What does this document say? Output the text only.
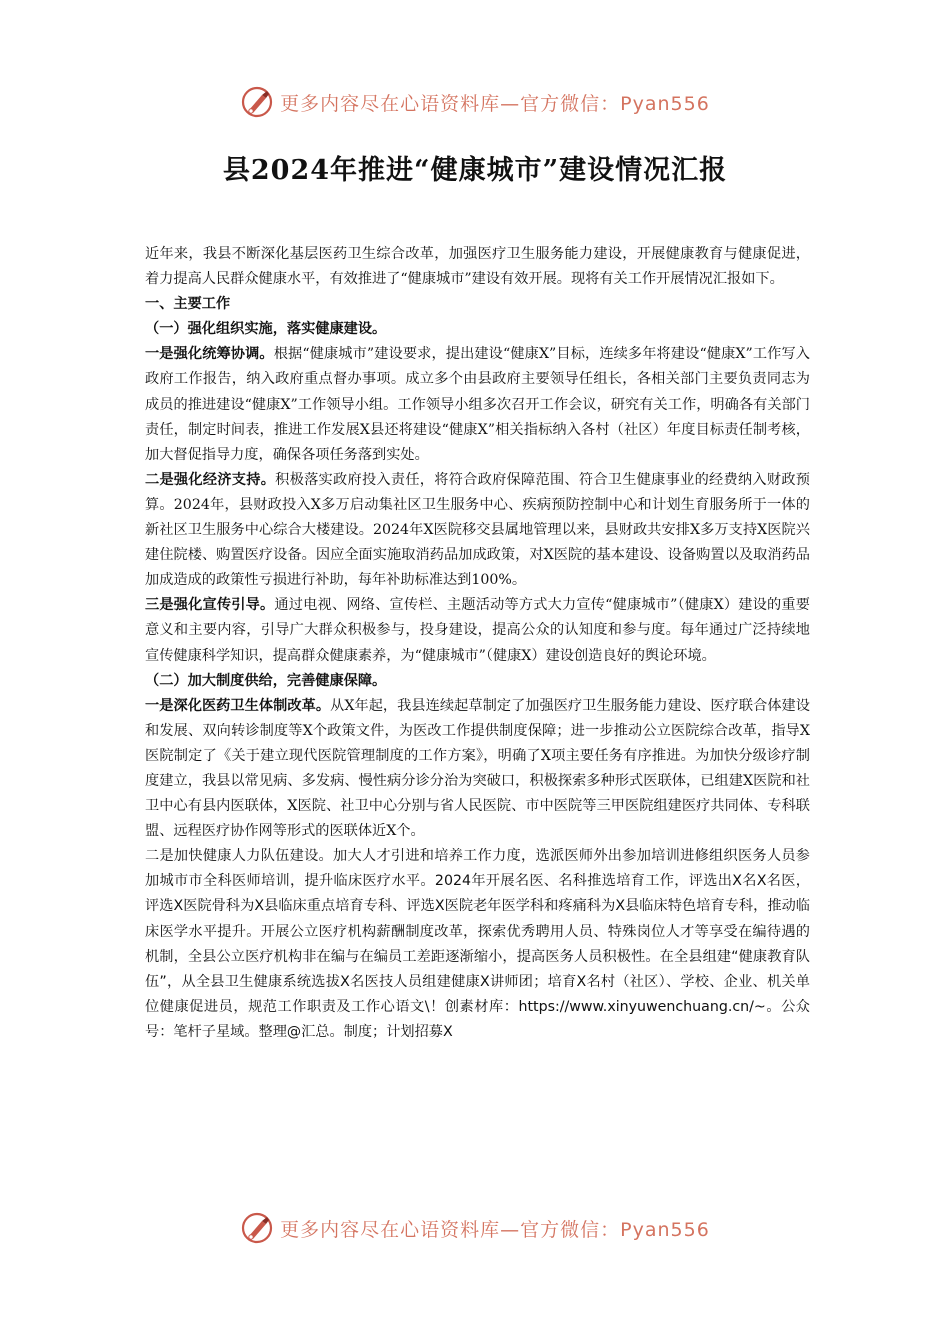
更多内容尽在心语资料库—官方微信：Pyan556
县2024年推进“健康城市”建设情况汇报

近年来，我县不断深化基层医药卫生综合改革，加强医疗卫生服务能力建设，开展健康教育与健康促进，着力提高人民群众健康水平，有效推进了“健康城市”建设有效开展。现将有关工作开展情况汇报如下。

一、主要工作

（一）强化组织实施，落实健康建设。

一是强化统筹协调。根据“健康城市”建设要求，提出建设“健康X”目标，连续多年将建设“健康X”工作写入政府工作报告，纳入政府重点督办事项。成立多个由县政府主要领导任组长，各相关部门主要负责同志为成员的推进建设“健康X”工作领导小组。工作领导小组多次召开工作会议，研究有关工作，明确各有关部门责任，制定时间表，推进工作发展X县还将建设“健康X”相关指标纳入各村（社区）年度目标责任制考核，加大督促指导力度，确保各项任务落到实处。

二是强化经济支持。积极落实政府投入责任，将符合政府保障范围、符合卫生健康事业的经费纳入财政预算。2024年，县财政投入X多万启动集社区卫生服务中心、疾病预防控制中心和计划生育服务所于一体的新社区卫生服务中心综合大楼建设。2024年X医院移交县属地管理以来，县财政共安排X多万支持X医院兴建住院楼、购置医疗设备。因应全面实施取消药品加成政策，对X医院的基本建设、设备购置以及取消药品加成造成的政策性亏损进行补助，每年补助标准达到100%。

三是强化宣传引导。通过电视、网络、宣传栏、主题活动等方式大力宣传“健康城市”（健康X）建设的重要意义和主要内容，引导广大群众积极参与，投身建设，提高公众的认知度和参与度。每年通过广泛持续地宣传健康科学知识，提高群众健康素养，为“健康城市”（健康X）建设创造良好的舆论环境。

（二）加大制度供给，完善健康保障。

一是深化医药卫生体制改革。从X年起，我县连续起草制定了加强医疗卫生服务能力建设、医疗联合体建设和发展、双向转诊制度等X个政策文件，为医改工作提供制度保障；进一步推动公立医院综合改革，指导X医院制定了《关于建立现代医院管理制度的工作方案》，明确了X项主要任务有序推进。为加快分级诊疗制度建立，我县以常见病、多发病、慢性病分诊分治为突破口，积极探索多种形式医联体，已组建X医院和社卫中心有县内医联体，X医院、社卫中心分别与省人民医院、市中医院等三甲医院组建医疗共同体、专科联盟、远程医疗协作网等形式的医联体近X个。

二是加快健康人力队伍建设。加大人才引进和培养工作力度，选派医师外出参加培训进修组织医务人员参加城市市全科医师培训，提升临床医疗水平。2024年开展名医、名科推选培育工作，评选出X名X名医，评选X医院骨科为X县临床重点培育专科、评选X医院老年医学科和疼痛科为X县临床特色培育专科，推动临床医学水平提升。开展公立医疗机构薪酬制度改革，探索优秀聘用人员、特殊岗位人才等享受在编待遇的机制，全县公立医疗机构非在编与在编员工差距逐渐缩小，提高医务人员积极性。在全县组建“健康教育队伍”，从全县卫生健康系统选拔X名医技人员组建健康X讲师团；培育X名村（社区）、学校、企业、机关单位健康促进员，规范工作职责及工作心语文\！创素材库：https://www.xinyuwenchuang.cn/~。公众号：笔杆子星域。整理@汇总。制度；计划招募X

更多内容尽在心语资料库—官方微信：Pyan556
